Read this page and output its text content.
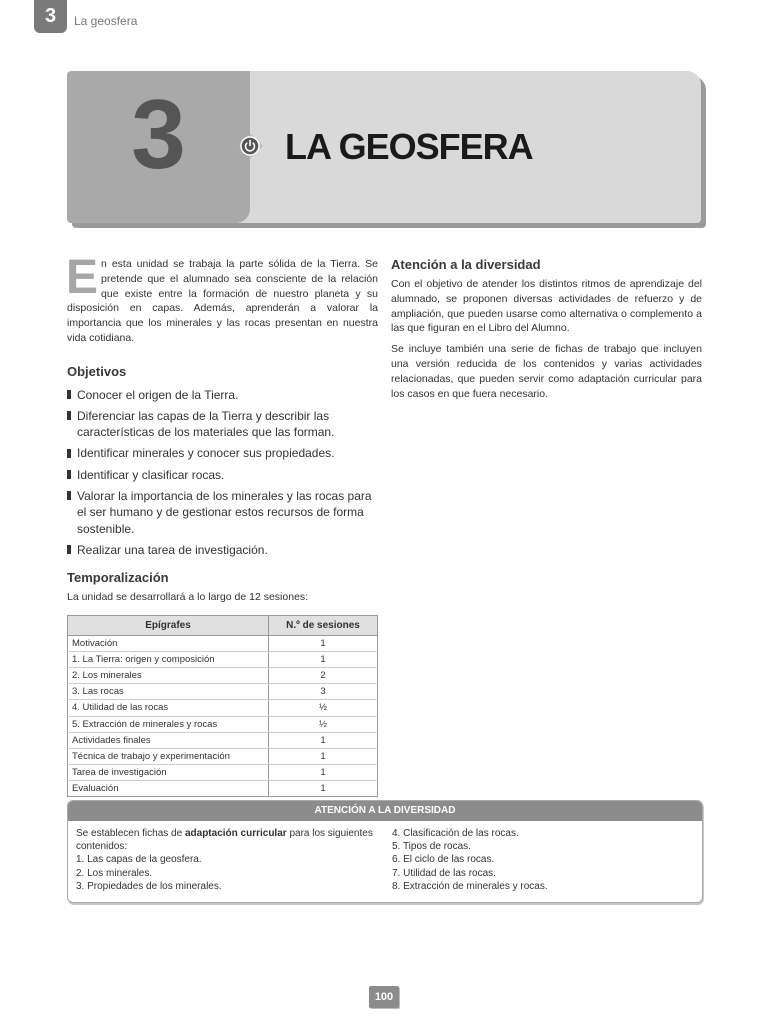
3	La geosfera
3	LA GEOSFERA

En esta unidad se trabaja la parte sólida de la Tierra. Se pretende que el alumnado sea consciente de la relación que existe entre la formación de nuestro planeta y su disposición en capas. Además, aprenderán a valorar la importancia que los minerales y las rocas presentan en nuestra vida cotidiana.

Objetivos
Conocer el origen de la Tierra.
Diferenciar las capas de la Tierra y describir las características de los materiales que las forman.
Identificar minerales y conocer sus propiedades.
Identificar y clasificar rocas.
Valorar la importancia de los minerales y las rocas para el ser humano y de gestionar estos recursos de forma sostenible.
Realizar una tarea de investigación.
Temporalización

La unidad se desarrollará a lo largo de 12 sesiones:

Epígrafes	N.º de sesiones
Motivación	1
1. La Tierra: origen y composición	1
2. Los minerales	2
3. Las rocas	3
4. Utilidad de las rocas	½
5. Extracción de minerales y rocas	½
Actividades finales	1
Técnica de trabajo y experimentación	1
Tarea de investigación	1
Evaluación	1
Atención a la diversidad

Con el objetivo de atender los distintos ritmos de aprendizaje del alumnado, se proponen diversas actividades de refuerzo y de ampliación, que pueden usarse como alternativa o complemento a las que figuran en el Libro del Alumno.

Se incluye también una serie de fichas de trabajo que incluyen una versión reducida de los contenidos y varias actividades relacionadas, que pueden servir como adaptación curricular para los casos en que fuera necesario.

ATENCIÓN A LA DIVERSIDAD
Se establecen fichas de adaptación curricular para los siguientes contenidos:
1. Las capas de la geosfera.
2. Los minerales.
3. Propiedades de los minerales.
4. Clasificación de las rocas.
5. Tipos de rocas.
6. El ciclo de las rocas.
7. Utilidad de las rocas.
8. Extracción de minerales y rocas.
100
